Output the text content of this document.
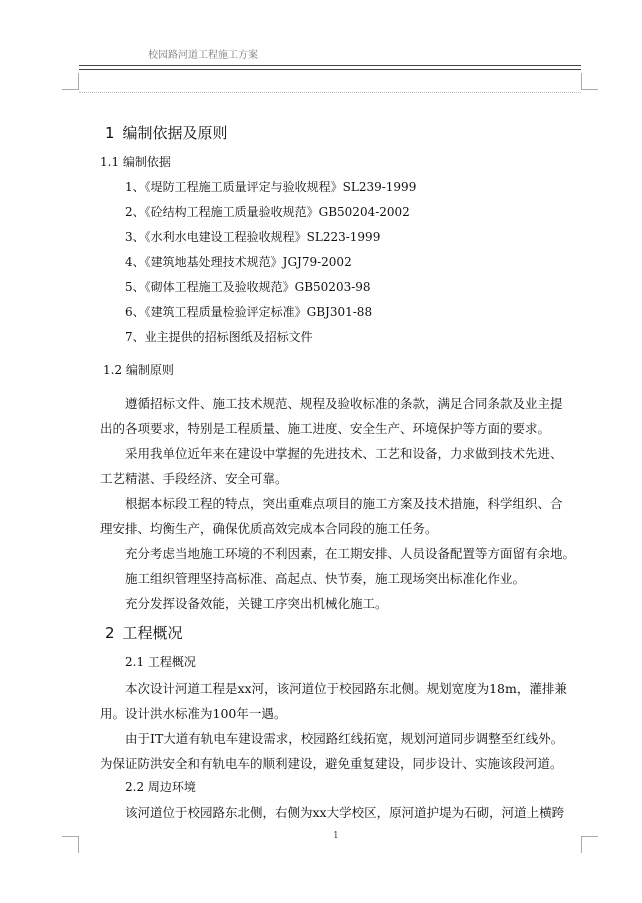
校园路河道工程施工方案
1 编制依据及原则
1.1 编制依据
1、《堤防工程施工质量评定与验收规程》SL239-1999
2、《砼结构工程施工质量验收规范》GB50204-2002
3、《水利水电建设工程验收规程》SL223-1999
4、《建筑地基处理技术规范》JGJ79-2002
5、《砌体工程施工及验收规范》GB50203-98
6、《建筑工程质量检验评定标准》GBJ301-88
7、业主提供的招标图纸及招标文件
1.2 编制原则
遵循招标文件、施工技术规范、规程及验收标准的条款，满足合同条款及业主提
出的各项要求，特别是工程质量、施工进度、安全生产、环境保护等方面的要求。
采用我单位近年来在建设中掌握的先进技术、工艺和设备，力求做到技术先进、
工艺精湛、手段经济、安全可靠。
根据本标段工程的特点，突出重难点项目的施工方案及技术措施，科学组织、合
理安排、均衡生产，确保优质高效完成本合同段的施工任务。
充分考虑当地施工环境的不利因素，在工期安排、人员设备配置等方面留有余地。
施工组织管理坚持高标准、高起点、快节奏，施工现场突出标准化作业。
充分发挥设备效能，关键工序突出机械化施工。
2 工程概况
2.1 工程概况
本次设计河道工程是xx河，该河道位于校园路东北侧。规划宽度为18m，灌排兼
用。设计洪水标准为100年一遇。
由于IT大道有轨电车建设需求，校园路红线拓宽，规划河道同步调整至红线外。
为保证防洪安全和有轨电车的顺利建设，避免重复建设，同步设计、实施该段河道。
2.2 周边环境
该河道位于校园路东北侧，右侧为xx大学校区，原河道护堤为石砌，河道上横跨
1
